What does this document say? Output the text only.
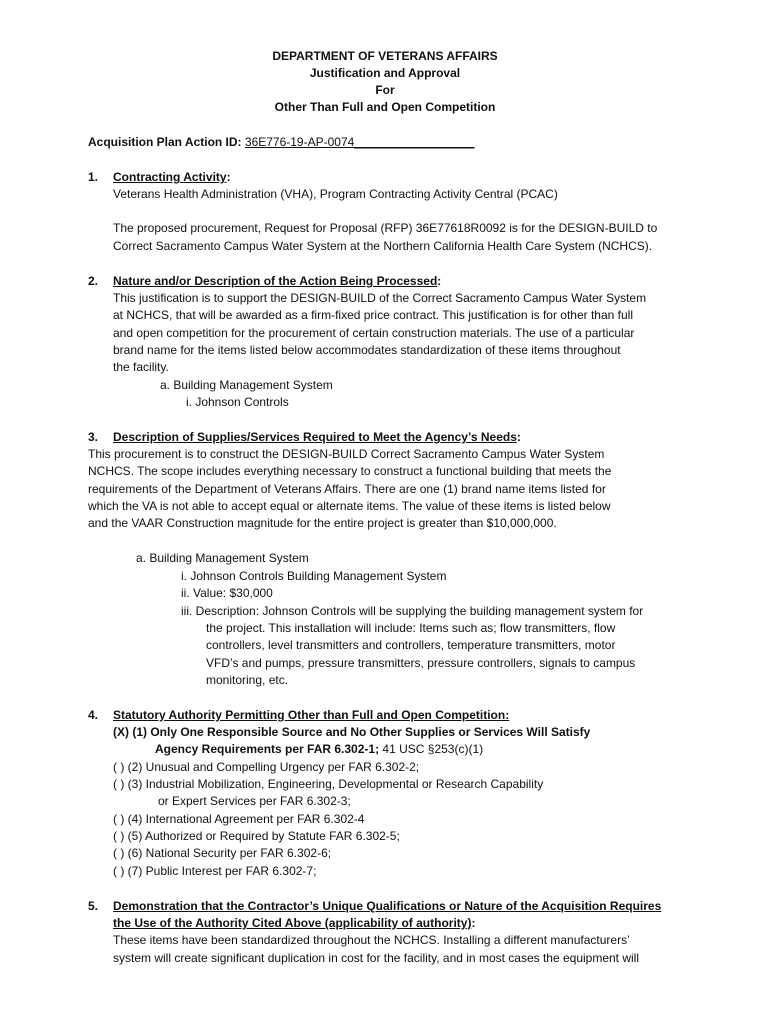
DEPARTMENT OF VETERANS AFFAIRS
Justification and Approval
For
Other Than Full and Open Competition
Acquisition Plan Action ID: 36E776-19-AP-0074__________________
1. Contracting Activity:
Veterans Health Administration (VHA), Program Contracting Activity Central (PCAC)
The proposed procurement, Request for Proposal (RFP) 36E77618R0092 is for the DESIGN-BUILD to
Correct Sacramento Campus Water System at the Northern California Health Care System (NCHCS).
2. Nature and/or Description of the Action Being Processed:
This justification is to support the DESIGN-BUILD of the Correct Sacramento Campus Water System
at NCHCS, that will be awarded as a firm-fixed price contract. This justification is for other than full
and open competition for the procurement of certain construction materials. The use of a particular
brand name for the items listed below accommodates standardization of these items throughout
the facility.
a. Building Management System
i. Johnson Controls
3. Description of Supplies/Services Required to Meet the Agency’s Needs:
This procurement is to construct the DESIGN-BUILD Correct Sacramento Campus Water System
NCHCS. The scope includes everything necessary to construct a functional building that meets the
requirements of the Department of Veterans Affairs. There are one (1) brand name items listed for
which the VA is not able to accept equal or alternate items. The value of these items is listed below
and the VAAR Construction magnitude for the entire project is greater than $10,000,000.
a. Building Management System
i. Johnson Controls Building Management System
ii. Value: $30,000
iii. Description: Johnson Controls will be supplying the building management system for
the project. This installation will include: Items such as; flow transmitters, flow
controllers, level transmitters and controllers, temperature transmitters, motor
VFD’s and pumps, pressure transmitters, pressure controllers, signals to campus
monitoring, etc.
4. Statutory Authority Permitting Other than Full and Open Competition:
(X) (1) Only One Responsible Source and No Other Supplies or Services Will Satisfy
Agency Requirements per FAR 6.302-1; 41 USC §253(c)(1)
( ) (2) Unusual and Compelling Urgency per FAR 6.302-2;
( ) (3) Industrial Mobilization, Engineering, Developmental or Research Capability
or Expert Services per FAR 6.302-3;
( ) (4) International Agreement per FAR 6.302-4
( ) (5) Authorized or Required by Statute FAR 6.302-5;
( ) (6) National Security per FAR 6.302-6;
( ) (7) Public Interest per FAR 6.302-7;
5. Demonstration that the Contractor’s Unique Qualifications or Nature of the Acquisition Requires
the Use of the Authority Cited Above (applicability of authority):
These items have been standardized throughout the NCHCS. Installing a different manufacturers’
system will create significant duplication in cost for the facility, and in most cases the equipment will
